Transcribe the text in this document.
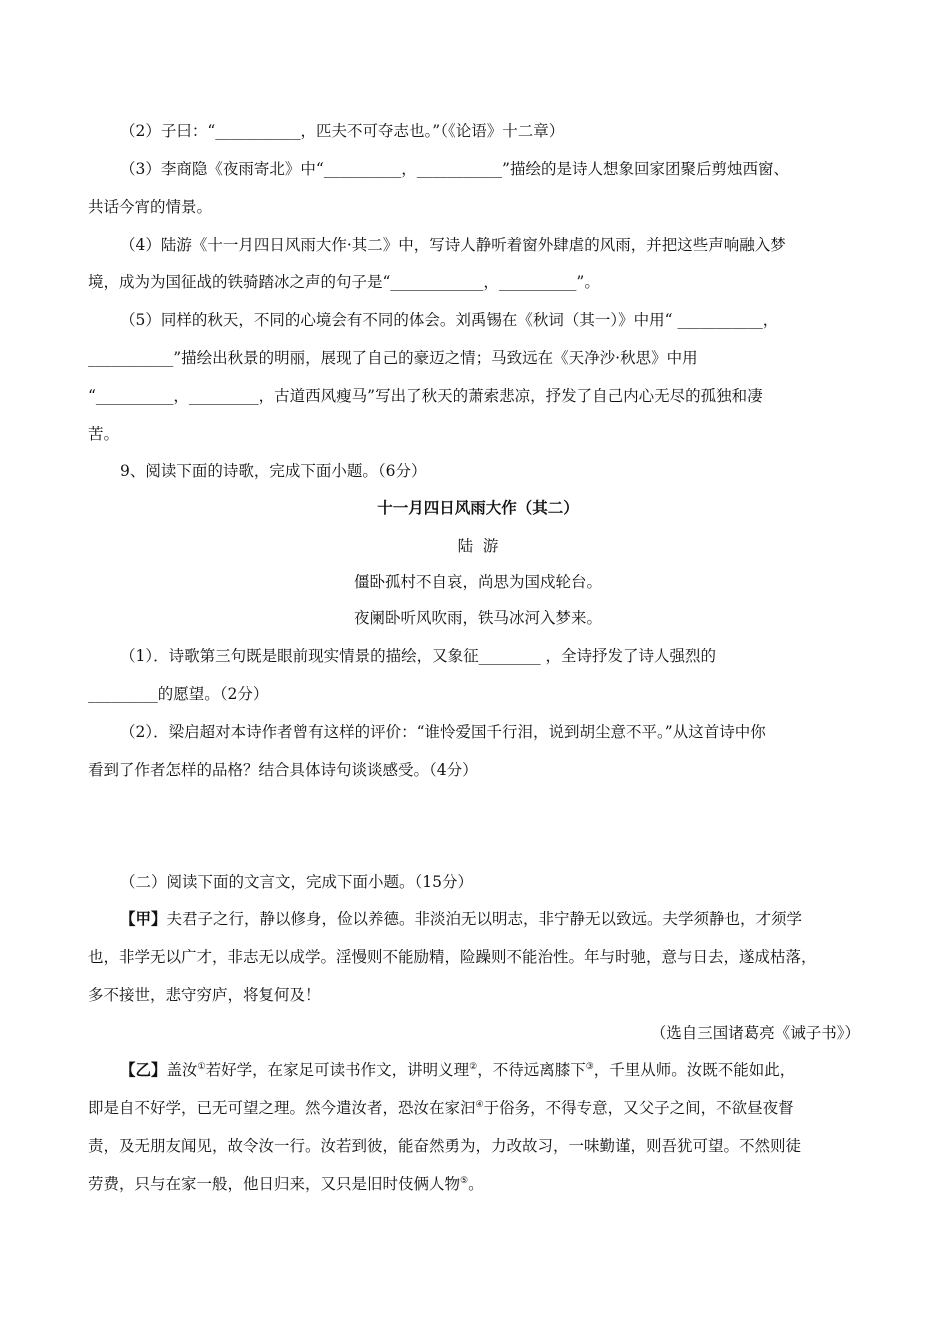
（2）子曰：“___________，匹夫不可夺志也。”（《论语》十二章）
（3）李商隐《夜雨寄北》中“__________，___________”描绘的是诗人想象回家团聚后剪烛西窗、
共话今宵的情景。
（4）陆游《十一月四日风雨大作·其二》中，写诗人静听着窗外肆虐的风雨，并把这些声响融入梦
境，成为为国征战的铁骑踏冰之声的句子是“____________，__________”。
（5）同样的秋天，不同的心境会有不同的体会。刘禹锡在《秋词（其一）》中用“ ___________，
___________”描绘出秋景的明丽，展现了自己的豪迈之情；马致远在《天净沙·秋思》中用
“__________，_________，古道西风瘦马”写出了秋天的萧索悲凉，抒发了自己内心无尽的孤独和凄
苦。
9、阅读下面的诗歌，完成下面小题。（6分）
十一月四日风雨大作（其二）
陆  游
僵卧孤村不自哀，尚思为国戍轮台。
夜阑卧听风吹雨，铁马冰河入梦来。
（1）．诗歌第三句既是眼前现实情景的描绘，又象征________ ，全诗抒发了诗人强烈的
_________的愿望。（2分）
（2）．梁启超对本诗作者曾有这样的评价：“谁怜爱国千行泪，说到胡尘意不平。”从这首诗中你
看到了作者怎样的品格？结合具体诗句谈谈感受。（4分）
（二）阅读下面的文言文，完成下面小题。（15分）
【甲】夫君子之行，静以修身，俭以养德。非淡泊无以明志，非宁静无以致远。夫学须静也，才须学
也，非学无以广才，非志无以成学。淫慢则不能励精，险躁则不能治性。年与时驰，意与日去，遂成枯落，
多不接世，悲守穷庐，将复何及！
（选自三国诸葛亮《诫子书》）
【乙】盖汝①若好学，在家足可读书作文，讲明义理②，不待远离膝下③，千里从师。汝既不能如此，
即是自不好学，已无可望之理。然今遣汝者，恐汝在家汩④于俗务，不得专意，又父子之间，不欲昼夜督
责，及无朋友闻见，故令汝一行。汝若到彼，能奋然勇为，力改故习，一味勤谨，则吾犹可望。不然则徒
劳费，只与在家一般，他日归来，又只是旧时伎俩人物⑤。
